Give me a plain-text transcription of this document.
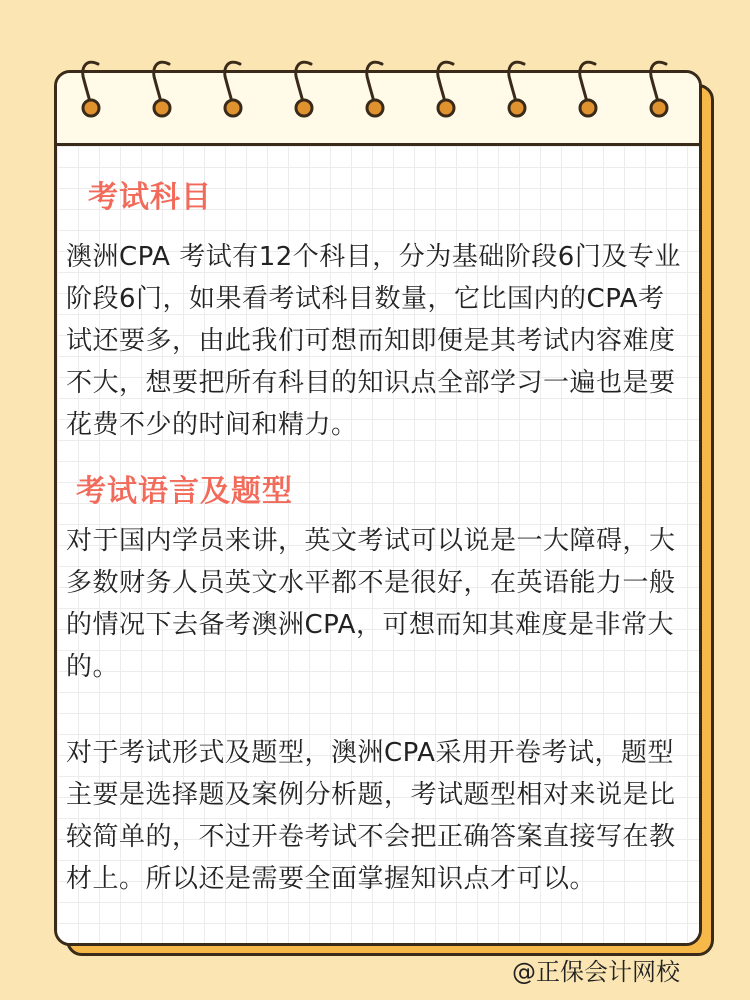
考试科目

澳洲CPA 考试有12个科目，分为基础阶段6门及专业阶段6门，如果看考试科目数量，它比国内的CPA考试还要多，由此我们可想而知即便是其考试内容难度不大，想要把所有科目的知识点全部学习一遍也是要花费不少的时间和精力。

考试语言及题型

对于国内学员来讲，英文考试可以说是一大障碍，大多数财务人员英文水平都不是很好，在英语能力一般的情况下去备考澳洲CPA，可想而知其难度是非常大的。

对于考试形式及题型，澳洲CPA采用开卷考试，题型主要是选择题及案例分析题，考试题型相对来说是比较简单的，不过开卷考试不会把正确答案直接写在教材上。所以还是需要全面掌握知识点才可以。

@正保会计网校
